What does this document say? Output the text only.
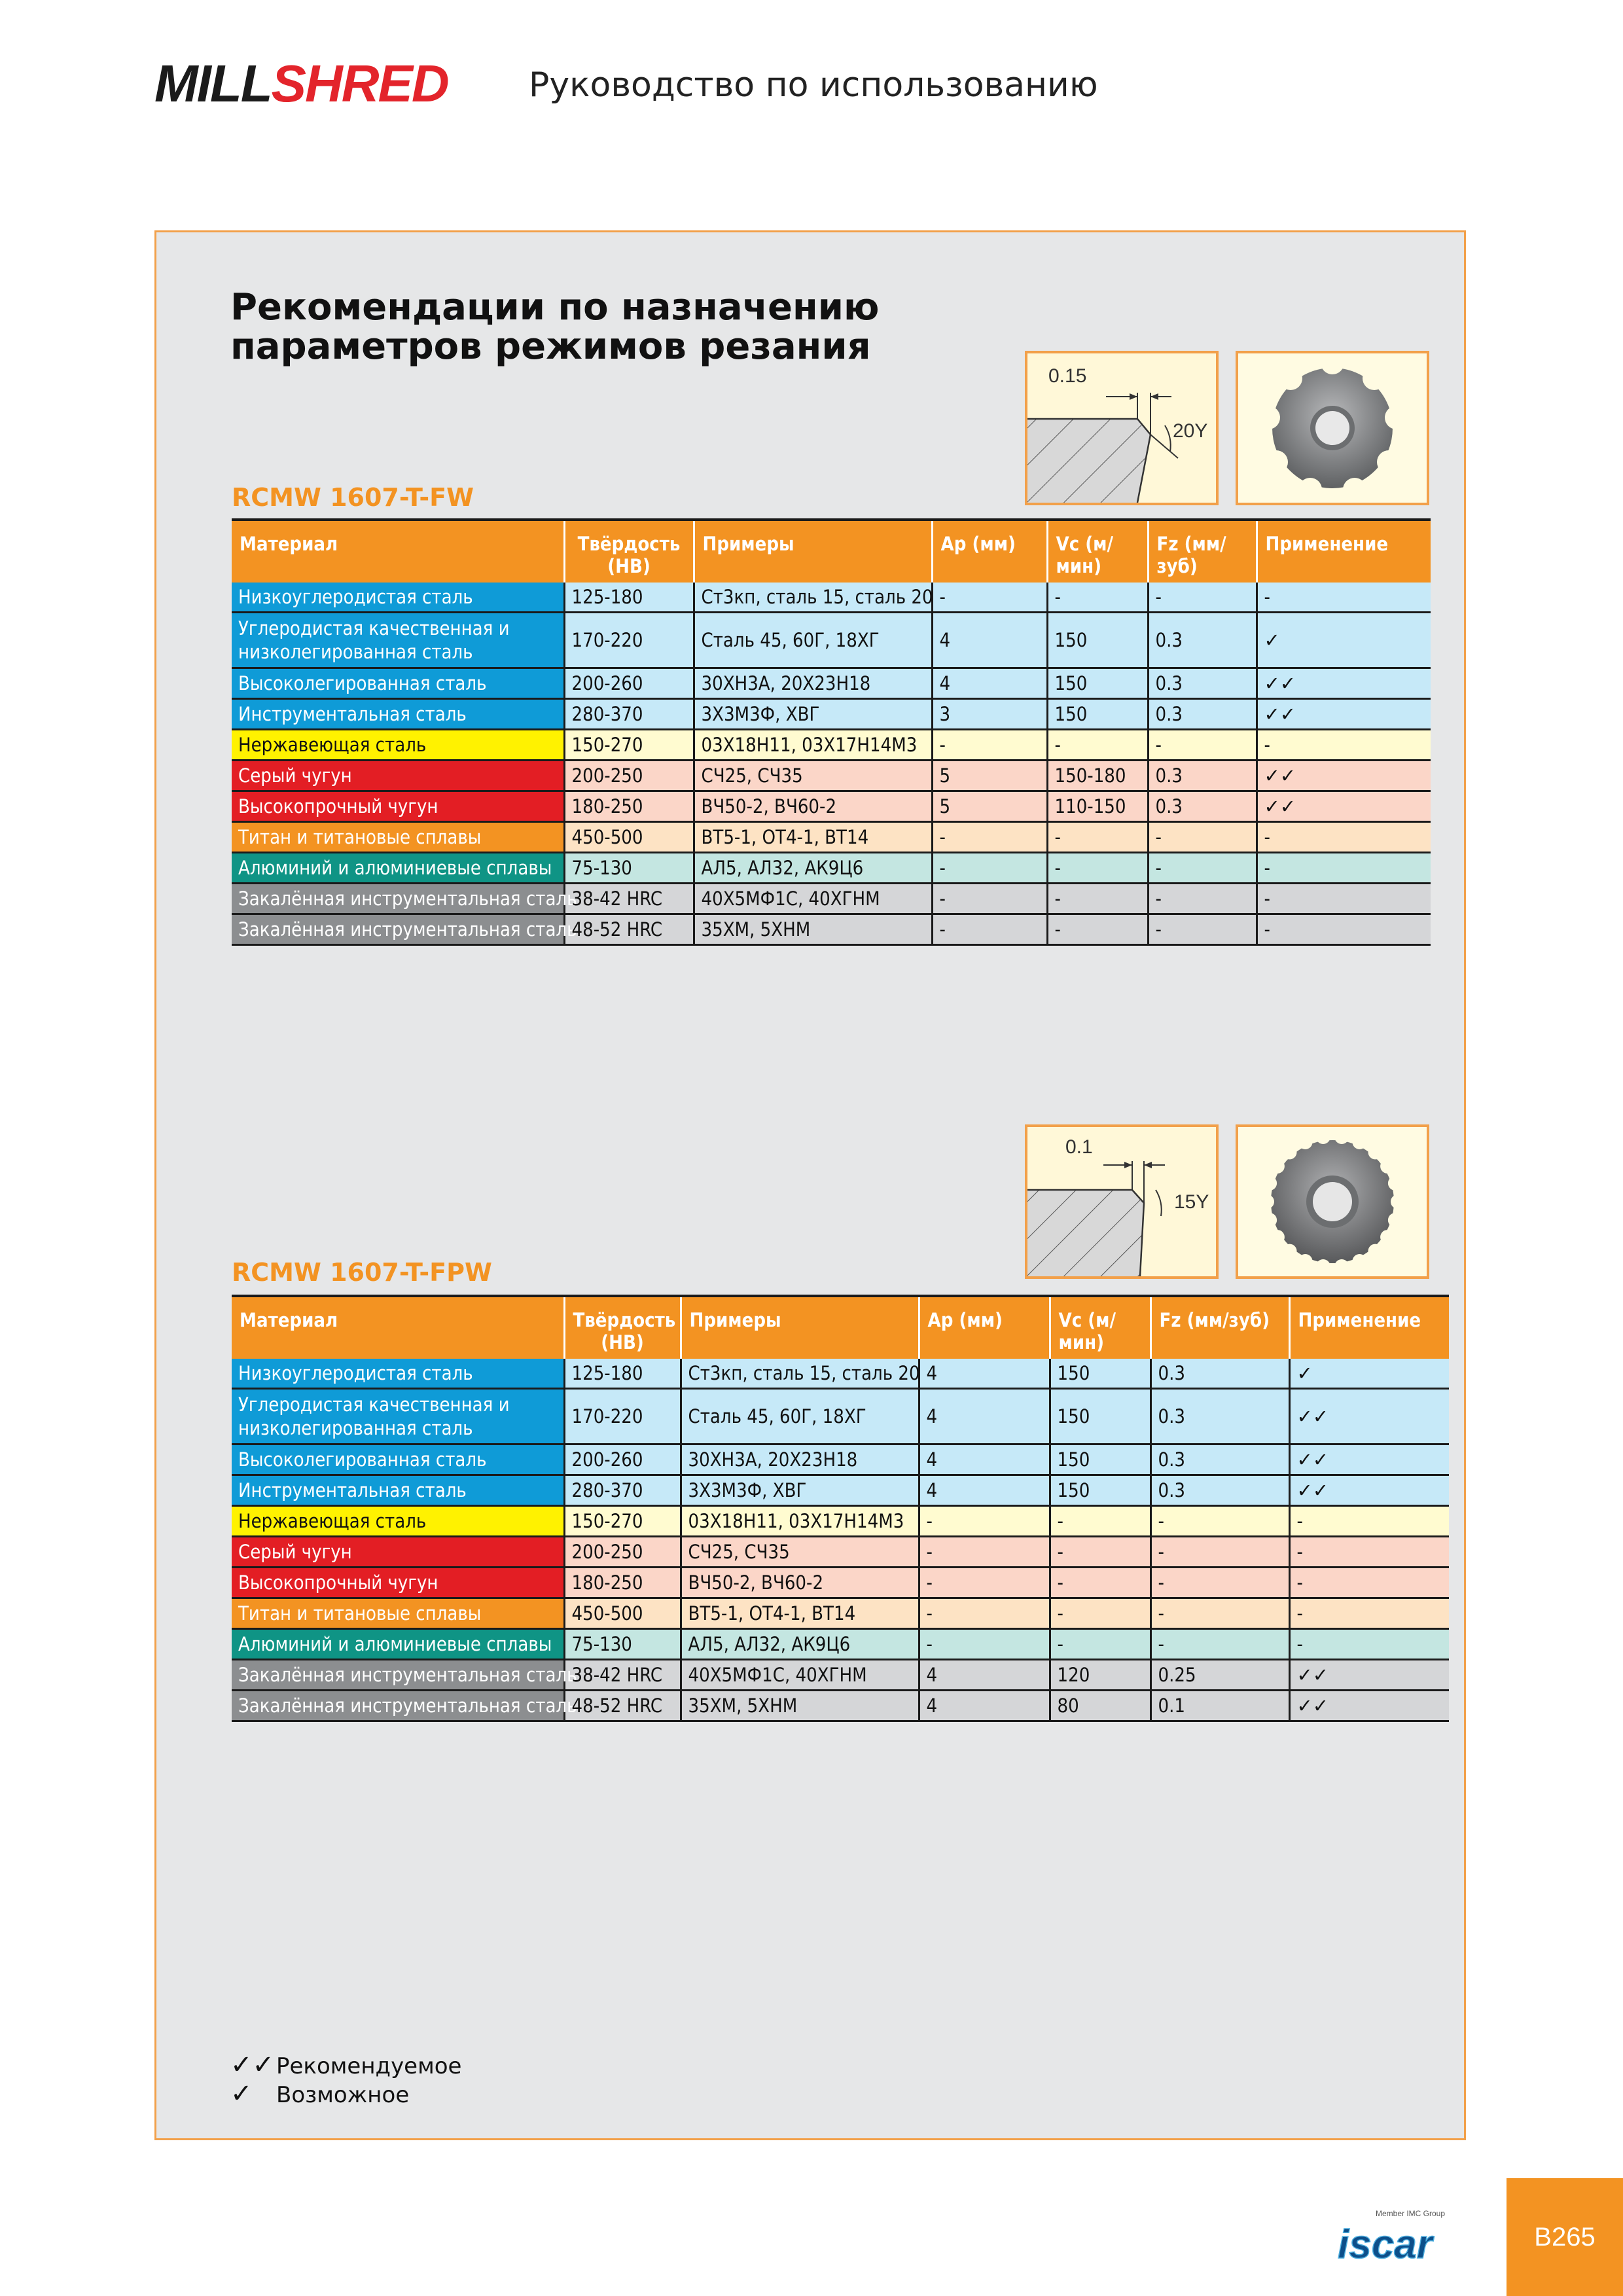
MILLSHRED Руководство по использованию
Рекомендации по назначению
параметров режимов резания
0.15
20Υ
RCMW 1607-T-FW
Материал	Твёрдость (HB)	Примеры	Ap (мм)	Vc (м/мин)	Fz (мм/зуб)	Применение
Низкоуглеродистая сталь	125-180	Ст3кп, сталь 15, сталь 20	-	-	-	-
Углеродистая качественная и низколегированная сталь	170-220	Сталь 45, 60Г, 18ХГ	4	150	0.3	✓
Высоколегированная сталь	200-260	30ХН3А, 20Х23Н18	4	150	0.3	✓✓
Инструментальная сталь	280-370	3Х3М3Ф, ХВГ	3	150	0.3	✓✓
Нержавеющая сталь	150-270	03Х18Н11, 03Х17Н14М3	-	-	-	-
Серый чугун	200-250	СЧ25, СЧ35	5	150-180	0.3	✓✓
Высокопрочный чугун	180-250	ВЧ50-2, ВЧ60-2	5	110-150	0.3	✓✓
Титан и титановые сплавы	450-500	ВТ5-1, ОТ4-1, ВТ14	-	-	-	-
Алюминий и алюминиевые сплавы	75-130	АЛ5, АЛ32, АК9Ц6	-	-	-	-
Закалённая инструментальная сталь	38-42 HRC	40Х5МФ1С, 40ХГНМ	-	-	-	-
Закалённая инструментальная сталь	48-52 HRC	35ХМ, 5ХНМ	-	-	-	-
0.1
15Υ
RCMW 1607-T-FPW
Материал	Твёрдость (HB)	Примеры	Ap (мм)	Vc (м/мин)	Fz (мм/зуб)	Применение
Низкоуглеродистая сталь	125-180	Ст3кп, сталь 15, сталь 20	4	150	0.3	✓
Углеродистая качественная и низколегированная сталь	170-220	Сталь 45, 60Г, 18ХГ	4	150	0.3	✓✓
Высоколегированная сталь	200-260	30ХН3А, 20Х23Н18	4	150	0.3	✓✓
Инструментальная сталь	280-370	3Х3М3Ф, ХВГ	4	150	0.3	✓✓
Нержавеющая сталь	150-270	03Х18Н11, 03Х17Н14М3	-	-	-	-
Серый чугун	200-250	СЧ25, СЧ35	-	-	-	-
Высокопрочный чугун	180-250	ВЧ50-2, ВЧ60-2	-	-	-	-
Титан и титановые сплавы	450-500	ВТ5-1, ОТ4-1, ВТ14	-	-	-	-
Алюминий и алюминиевые сплавы	75-130	АЛ5, АЛ32, АК9Ц6	-	-	-	-
Закалённая инструментальная сталь	38-42 HRC	40Х5МФ1С, 40ХГНМ	4	120	0.25	✓✓
Закалённая инструментальная сталь	48-52 HRC	35ХМ, 5ХНМ	4	80	0.1	✓✓
✓✓Рекомендуемое
✓ Возможное
Member IMC Group
iscar	B265
